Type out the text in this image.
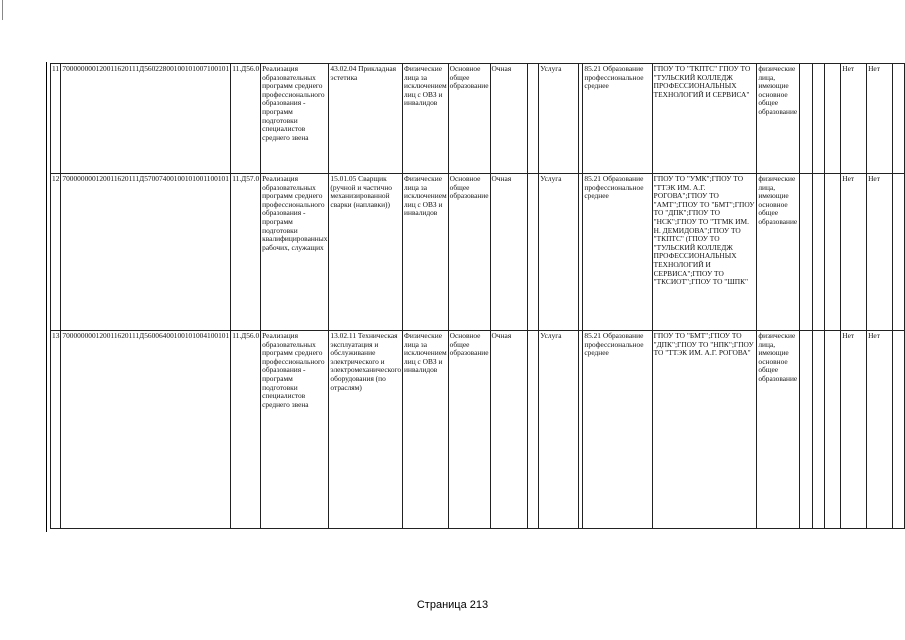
11	700000000120011620111Д56022800100101007100101	11.Д56.0	Реализация образовательных программ среднего профессионального образования - программ подготовки специалистов среднего звена	43.02.04 Прикладная эстетика	Физические лица за исключением лиц с ОВЗ и инвалидов	Основное общее образование	Очная		Услуга		85.21 Образование профессиональное среднее	ГПОУ ТО "ТКПТС" ГПОУ ТО "ТУЛЬСКИЙ КОЛЛЕДЖ ПРОФЕССИОНАЛЬНЫХ ТЕХНОЛОГИЙ И СЕРВИСА"	физические лица, имеющие основное общее образование				Нет	Нет	
12	700000000120011620111Д57007400100101001100101	11.Д57.0	Реализация образовательных программ среднего профессионального образования - программ подготовки квалифицированных рабочих, служащих	15.01.05 Сварщик (ручной и частично механизированной сварки (наплавки))	Физические лица за исключением лиц с ОВЗ и инвалидов	Основное общее образование	Очная		Услуга		85.21 Образование профессиональное среднее	ГПОУ ТО "УМК";ГПОУ ТО "ТТЭК ИМ. А.Г. РОГОВА";ГПОУ ТО "АМТ";ГПОУ ТО "БМТ";ГПОУ ТО "ДПК";ГПОУ ТО "НСК";ГПОУ ТО "ТГМК ИМ. Н. ДЕМИДОВА";ГПОУ ТО "ТКПТС" (ГПОУ ТО "ТУЛЬСКИЙ КОЛЛЕДЖ ПРОФЕССИОНАЛЬНЫХ ТЕХНОЛОГИЙ И СЕРВИСА";ГПОУ ТО "ТКСИОТ";ГПОУ ТО "ШПК"	физические лица, имеющие основное общее образование				Нет	Нет	
13	700000000120011620111Д56006400100101004100101	11.Д56.0	Реализация образовательных программ среднего профессионального образования - программ подготовки специалистов среднего звена	13.02.11 Техническая эксплуатация и обслуживание электрического и электромеханического оборудования (по отраслям)	Физические лица за исключением лиц с ОВЗ и инвалидов	Основное общее образование	Очная		Услуга		85.21 Образование профессиональное среднее	ГПОУ ТО "БМТ";ГПОУ ТО "ДПК";ГПОУ ТО "НПК";ГПОУ ТО "ТТЭК ИМ. А.Г. РОГОВА"	физические лица, имеющие основное общее образование				Нет	Нет	
Страница 213
